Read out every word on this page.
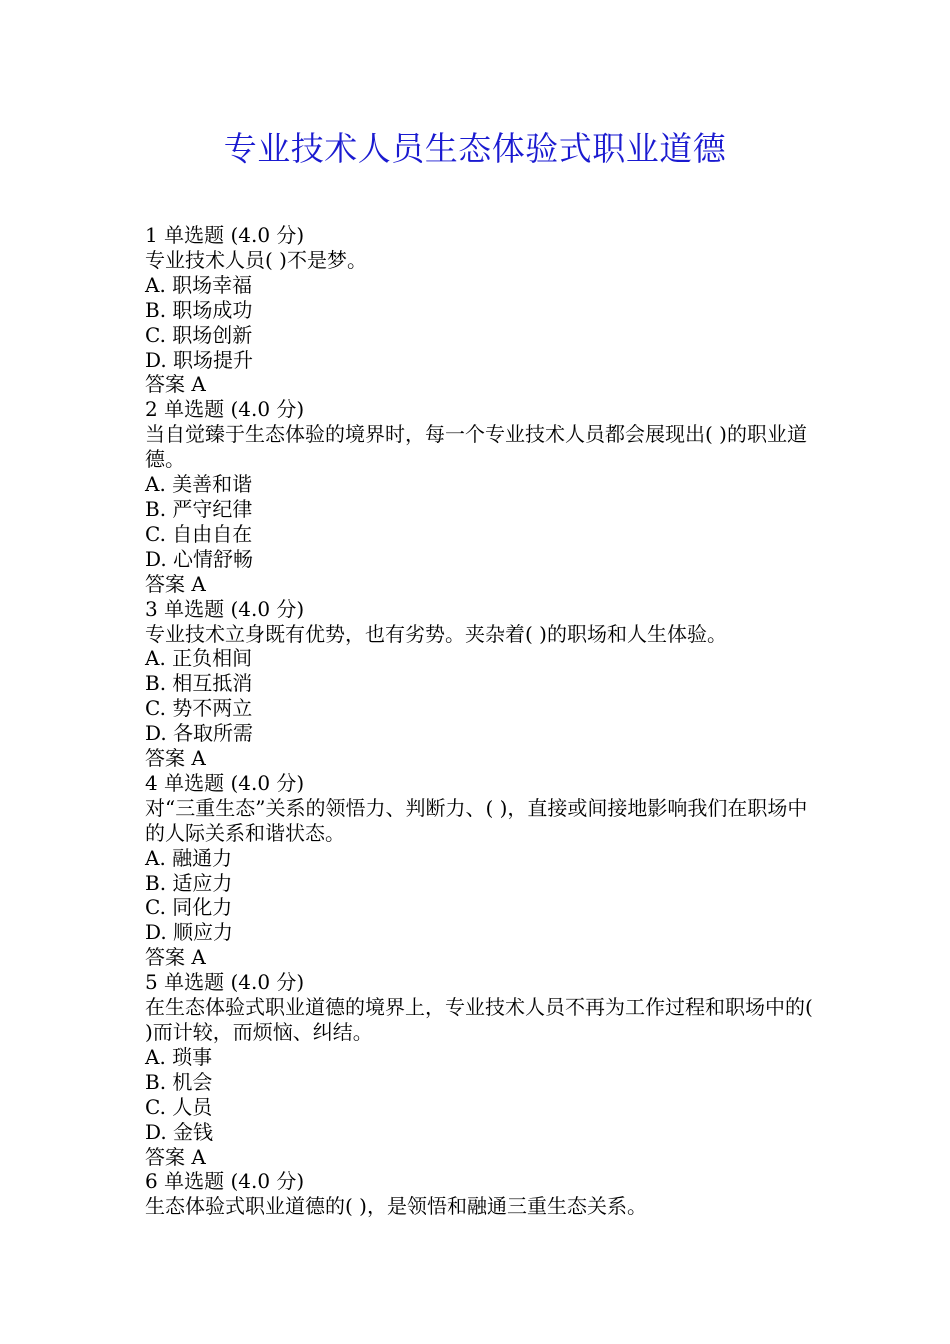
专业技术人员生态体验式职业道德
1 单选题 (4.0 分)
专业技术人员( )不是梦。
A. 职场幸福
B. 职场成功
C. 职场创新
D. 职场提升
答案 A
2 单选题 (4.0 分)
当自觉臻于生态体验的境界时，每一个专业技术人员都会展现出( )的职业道德。
A. 美善和谐
B. 严守纪律
C. 自由自在
D. 心情舒畅
答案 A
3 单选题 (4.0 分)
专业技术立身既有优势，也有劣势。夹杂着( )的职场和人生体验。
A. 正负相间
B. 相互抵消
C. 势不两立
D. 各取所需
答案 A
4 单选题 (4.0 分)
对“三重生态”关系的领悟力、判断力、( )，直接或间接地影响我们在职场中的人际关系和谐状态。
A. 融通力
B. 适应力
C. 同化力
D. 顺应力
答案 A
5 单选题 (4.0 分)
在生态体验式职业道德的境界上，专业技术人员不再为工作过程和职场中的( )而计较，而烦恼、纠结。
A. 琐事
B. 机会
C. 人员
D. 金钱
答案 A
6 单选题 (4.0 分)
生态体验式职业道德的( )，是领悟和融通三重生态关系。
